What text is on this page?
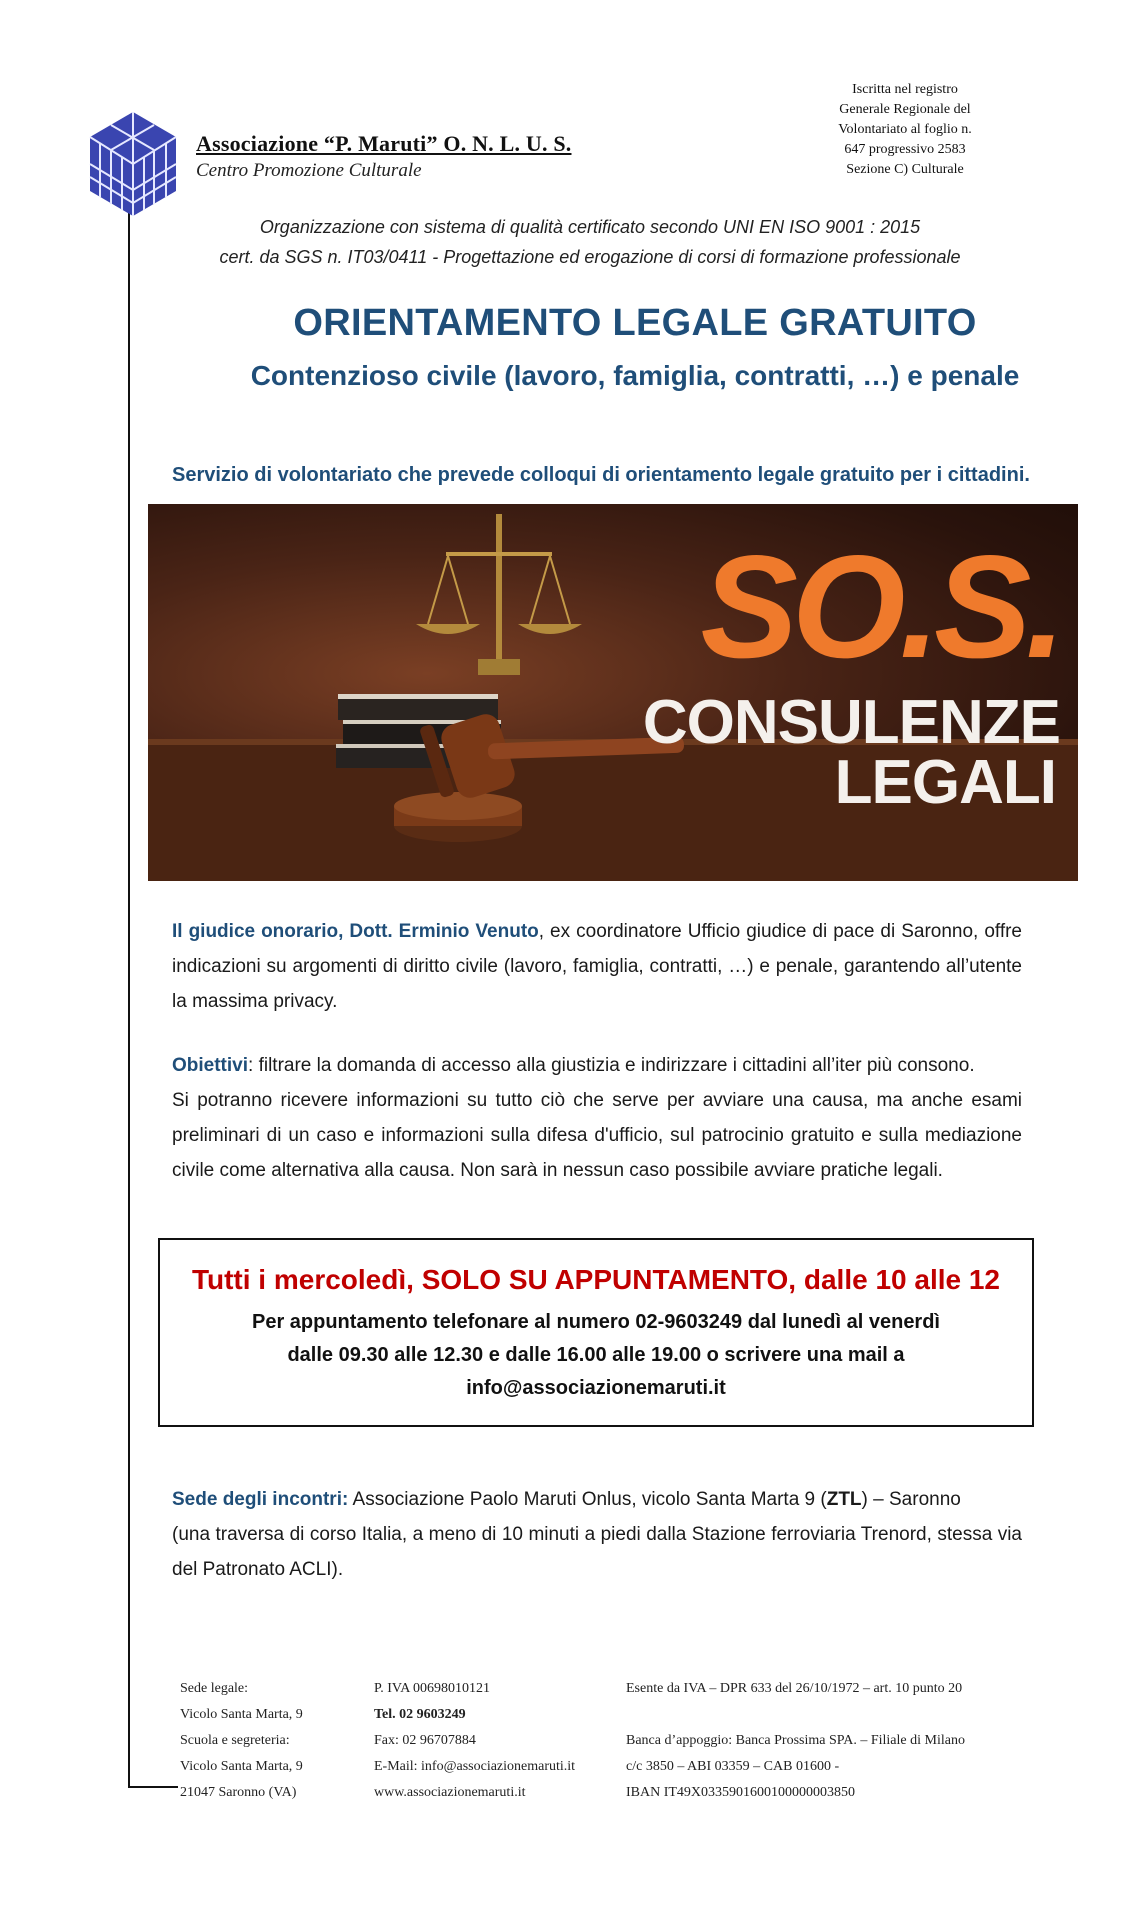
Associazione “P. Maruti” O. N. L. U. S.
Centro Promozione Culturale
Iscritta nel registro
Generale Regionale del
Volontariato al foglio n.
647 progressivo 2583
Sezione C) Culturale
Organizzazione con sistema di qualità certificato secondo UNI EN ISO 9001 : 2015
cert. da SGS n. IT03/0411 - Progettazione ed erogazione di corsi di formazione professionale
ORIENTAMENTO LEGALE GRATUITO
Contenzioso civile (lavoro, famiglia, contratti, …) e penale
Servizio di volontariato che prevede colloqui di orientamento legale gratuito per i cittadini.
SO.S.
CONSULENZE
LEGALI
Il giudice onorario, Dott. Erminio Venuto, ex coordinatore Ufficio giudice di pace di Saronno, offre indicazioni su argomenti di diritto civile (lavoro, famiglia, contratti, …) e penale, garantendo all’utente la massima privacy.
Obiettivi: filtrare la domanda di accesso alla giustizia e indirizzare i cittadini all’iter più consono.
Si potranno ricevere informazioni su tutto ciò che serve per avviare una causa, ma anche esami preliminari di un caso e informazioni sulla difesa d'ufficio, sul patrocinio gratuito e sulla mediazione civile come alternativa alla causa. Non sarà in nessun caso possibile avviare pratiche legali.
Tutti i mercoledì, SOLO SU APPUNTAMENTO, dalle 10 alle 12
Per appuntamento telefonare al numero 02-9603249 dal lunedì al venerdì
dalle 09.30 alle 12.30 e dalle 16.00 alle 19.00 o scrivere una mail a
info@associazionemaruti.it
Sede degli incontri: Associazione Paolo Maruti Onlus, vicolo Santa Marta 9 (ZTL) – Saronno
(una traversa di corso Italia, a meno di 10 minuti a piedi dalla Stazione ferroviaria Trenord, stessa via del Patronato ACLI).
Sede legale:
Vicolo Santa Marta, 9
Scuola e segreteria:
Vicolo Santa Marta, 9
21047 Saronno (VA)
P. IVA 00698010121
Tel. 02 9603249
Fax: 02 96707884
E-Mail: info@associazionemaruti.it
www.associazionemaruti.it
Esente da IVA – DPR 633 del 26/10/1972 – art. 10 punto 20
Banca d’appoggio: Banca Prossima SPA. – Filiale di Milano
c/c 3850 – ABI 03359 – CAB 01600 -
IBAN IT49X0335901600100000003850
